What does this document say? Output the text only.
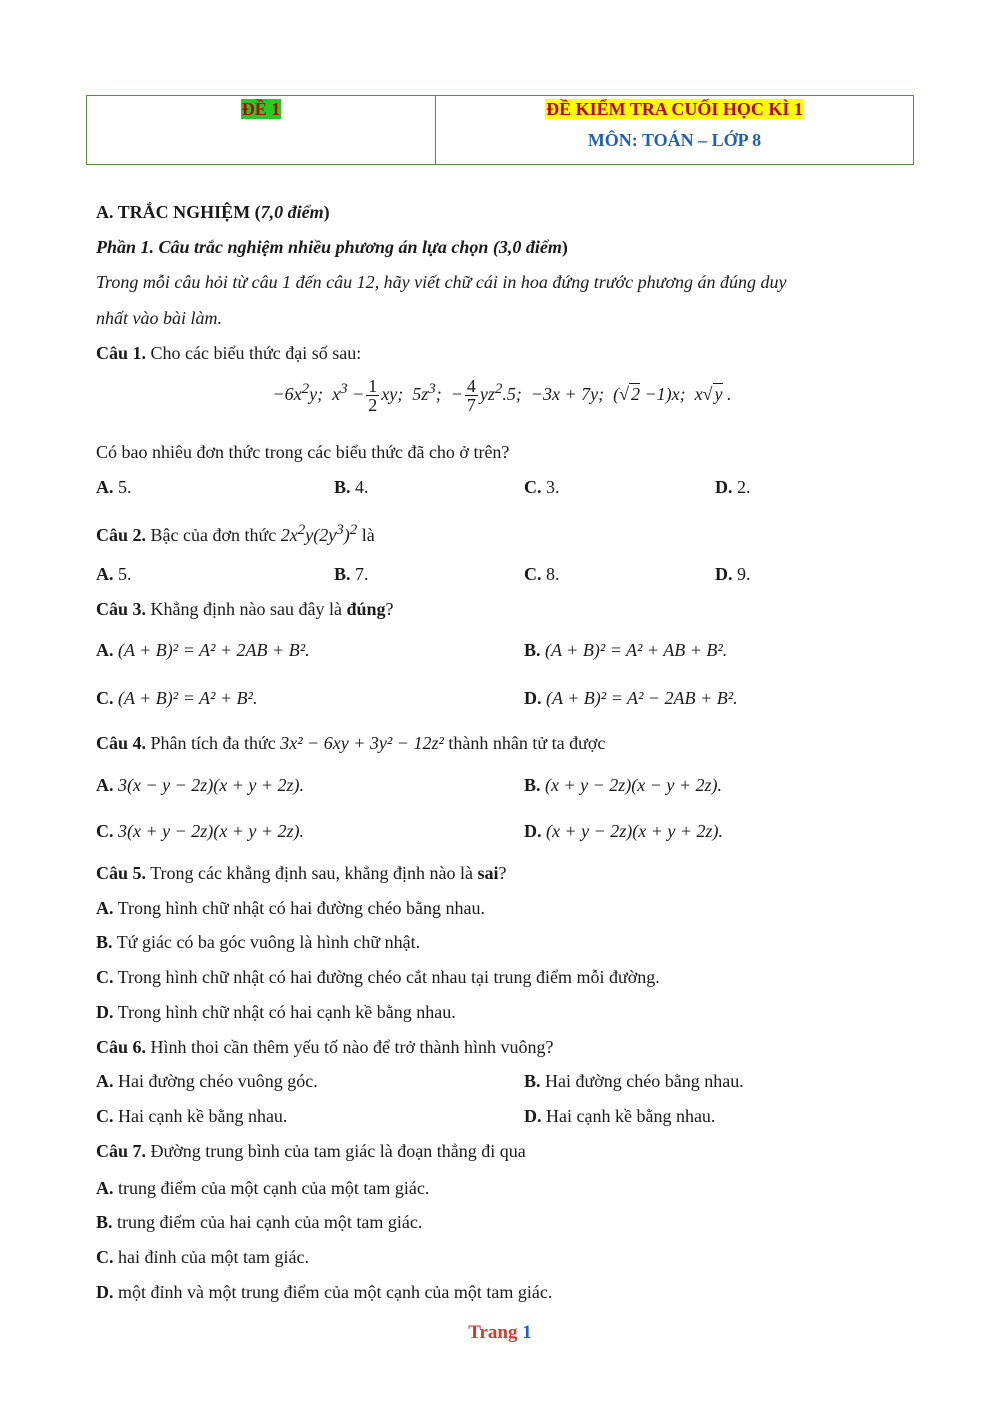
ĐỀ 1	ĐỀ KIỂM TRA CUỐI HỌC KÌ 1
MÔN: TOÁN – LỚP 8
A. TRẮC NGHIỆM (7,0 điểm)
Phần 1. Câu trắc nghiệm nhiều phương án lựa chọn (3,0 điểm)
Trong mỗi câu hỏi từ câu 1 đến câu 12, hãy viết chữ cái in hoa đứng trước phương án đúng duy
nhất vào bài làm.
Câu 1. Cho các biểu thức đại số sau:
$-6x^2y$;  $x^3 - \frac{1}{2}$ xy;  $5z^3$;  − $\frac{4}{7} yz^2.5$;  −3x + 7y;  (√ 2 −1)x;  x√ y .
Có bao nhiêu đơn thức trong các biểu thức đã cho ở trên?
A. 5.	B. 4.	C. 3.	D. 2.
Câu 2. Bậc của đơn thức $2x^2y(2y^3)^2$ là
A. 5.	B. 7.	C. 8.	D. 9.
Câu 3. Khẳng định nào sau đây là đúng?
A. (A + B)² = A² + 2AB + B².	B. (A + B)² = A² + AB + B².
C. (A + B)² = A² + B².	D. (A + B)² = A² − 2AB + B².
Câu 4. Phân tích đa thức 3x² − 6xy + 3y² − 12z² thành nhân tử ta được
A. 3(x − y − 2z)(x + y + 2z).	B. (x + y − 2z)(x − y + 2z).
C. 3(x + y − 2z)(x + y + 2z).	D. (x + y − 2z)(x + y + 2z).
Câu 5. Trong các khẳng định sau, khẳng định nào là sai?
A. Trong hình chữ nhật có hai đường chéo bằng nhau.
B. Tứ giác có ba góc vuông là hình chữ nhật.
C. Trong hình chữ nhật có hai đường chéo cắt nhau tại trung điểm mỗi đường.
D. Trong hình chữ nhật có hai cạnh kề bằng nhau.
Câu 6. Hình thoi cần thêm yếu tố nào để trở thành hình vuông?
A. Hai đường chéo vuông góc.	B. Hai đường chéo bằng nhau.
C. Hai cạnh kề bằng nhau.	D. Hai cạnh kề bằng nhau.
Câu 7. Đường trung bình của tam giác là đoạn thẳng đi qua
A. trung điểm của một cạnh của một tam giác.
B. trung điểm của hai cạnh của một tam giác.
C. hai đỉnh của một tam giác.
D. một đỉnh và một trung điểm của một cạnh của một tam giác.
Trang 1
